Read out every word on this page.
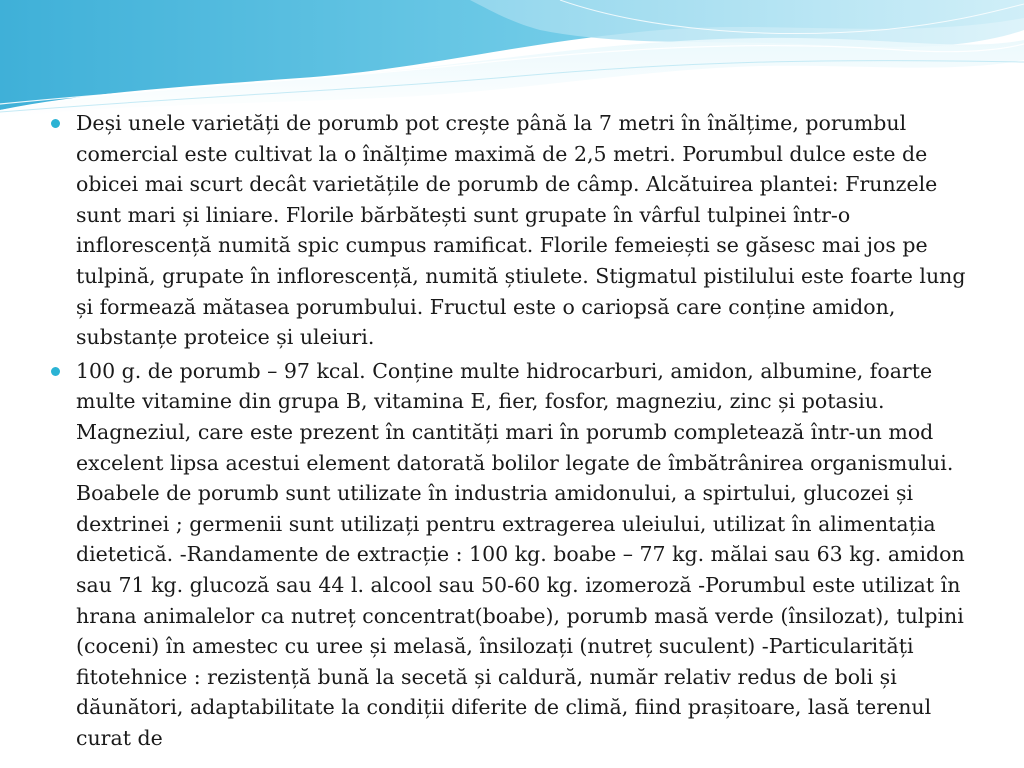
Deși unele varietăți de porumb pot crește până la 7 metri în înălțime, porumbul comercial este cultivat la o înălțime maximă de 2,5 metri. Porumbul dulce este de obicei mai scurt decât varietățile de porumb de câmp. Alcătuirea plantei: Frunzele sunt mari și liniare. Florile bărbătești sunt grupate în vârful tulpinei într-o inflorescență numită spic cumpus ramificat. Florile femeiești se găsesc mai jos pe tulpină, grupate în inflorescență, numită știulete. Stigmatul pistilului este foarte lung și formează mătasea porumbului. Fructul este o cariopsă care conține amidon, substanțe proteice și uleiuri.
100 g. de porumb – 97 kcal. Conține multe hidrocarburi, amidon, albumine, foarte multe vitamine din grupa B, vitamina E, fier, fosfor, magneziu, zinc și potasiu. Magneziul, care este prezent în cantități mari în porumb completează într-un mod excelent lipsa acestui element datorată bolilor legate de îmbătrânirea organismului. Boabele de porumb sunt utilizate în industria amidonului, a spirtului, glucozei și dextrinei ; germenii sunt utilizați pentru extragerea uleiului, utilizat în alimentația dietetică. -Randamente de extracție : 100 kg. boabe – 77 kg. mălai sau 63 kg. amidon sau 71 kg. glucoză sau 44 l. alcool sau 50-60 kg. izomeroză -Porumbul este utilizat în hrana animalelor ca nutreț concentrat(boabe), porumb masă verde (însilozat), tulpini (coceni) în amestec cu uree și melasă, însilozați (nutreț suculent) -Particularități fitotehnice : rezistență bună la secetă și caldură, număr relativ redus de boli și dăunători, adaptabilitate la condiții diferite de climă, fiind prașitoare, lasă terenul curat de
